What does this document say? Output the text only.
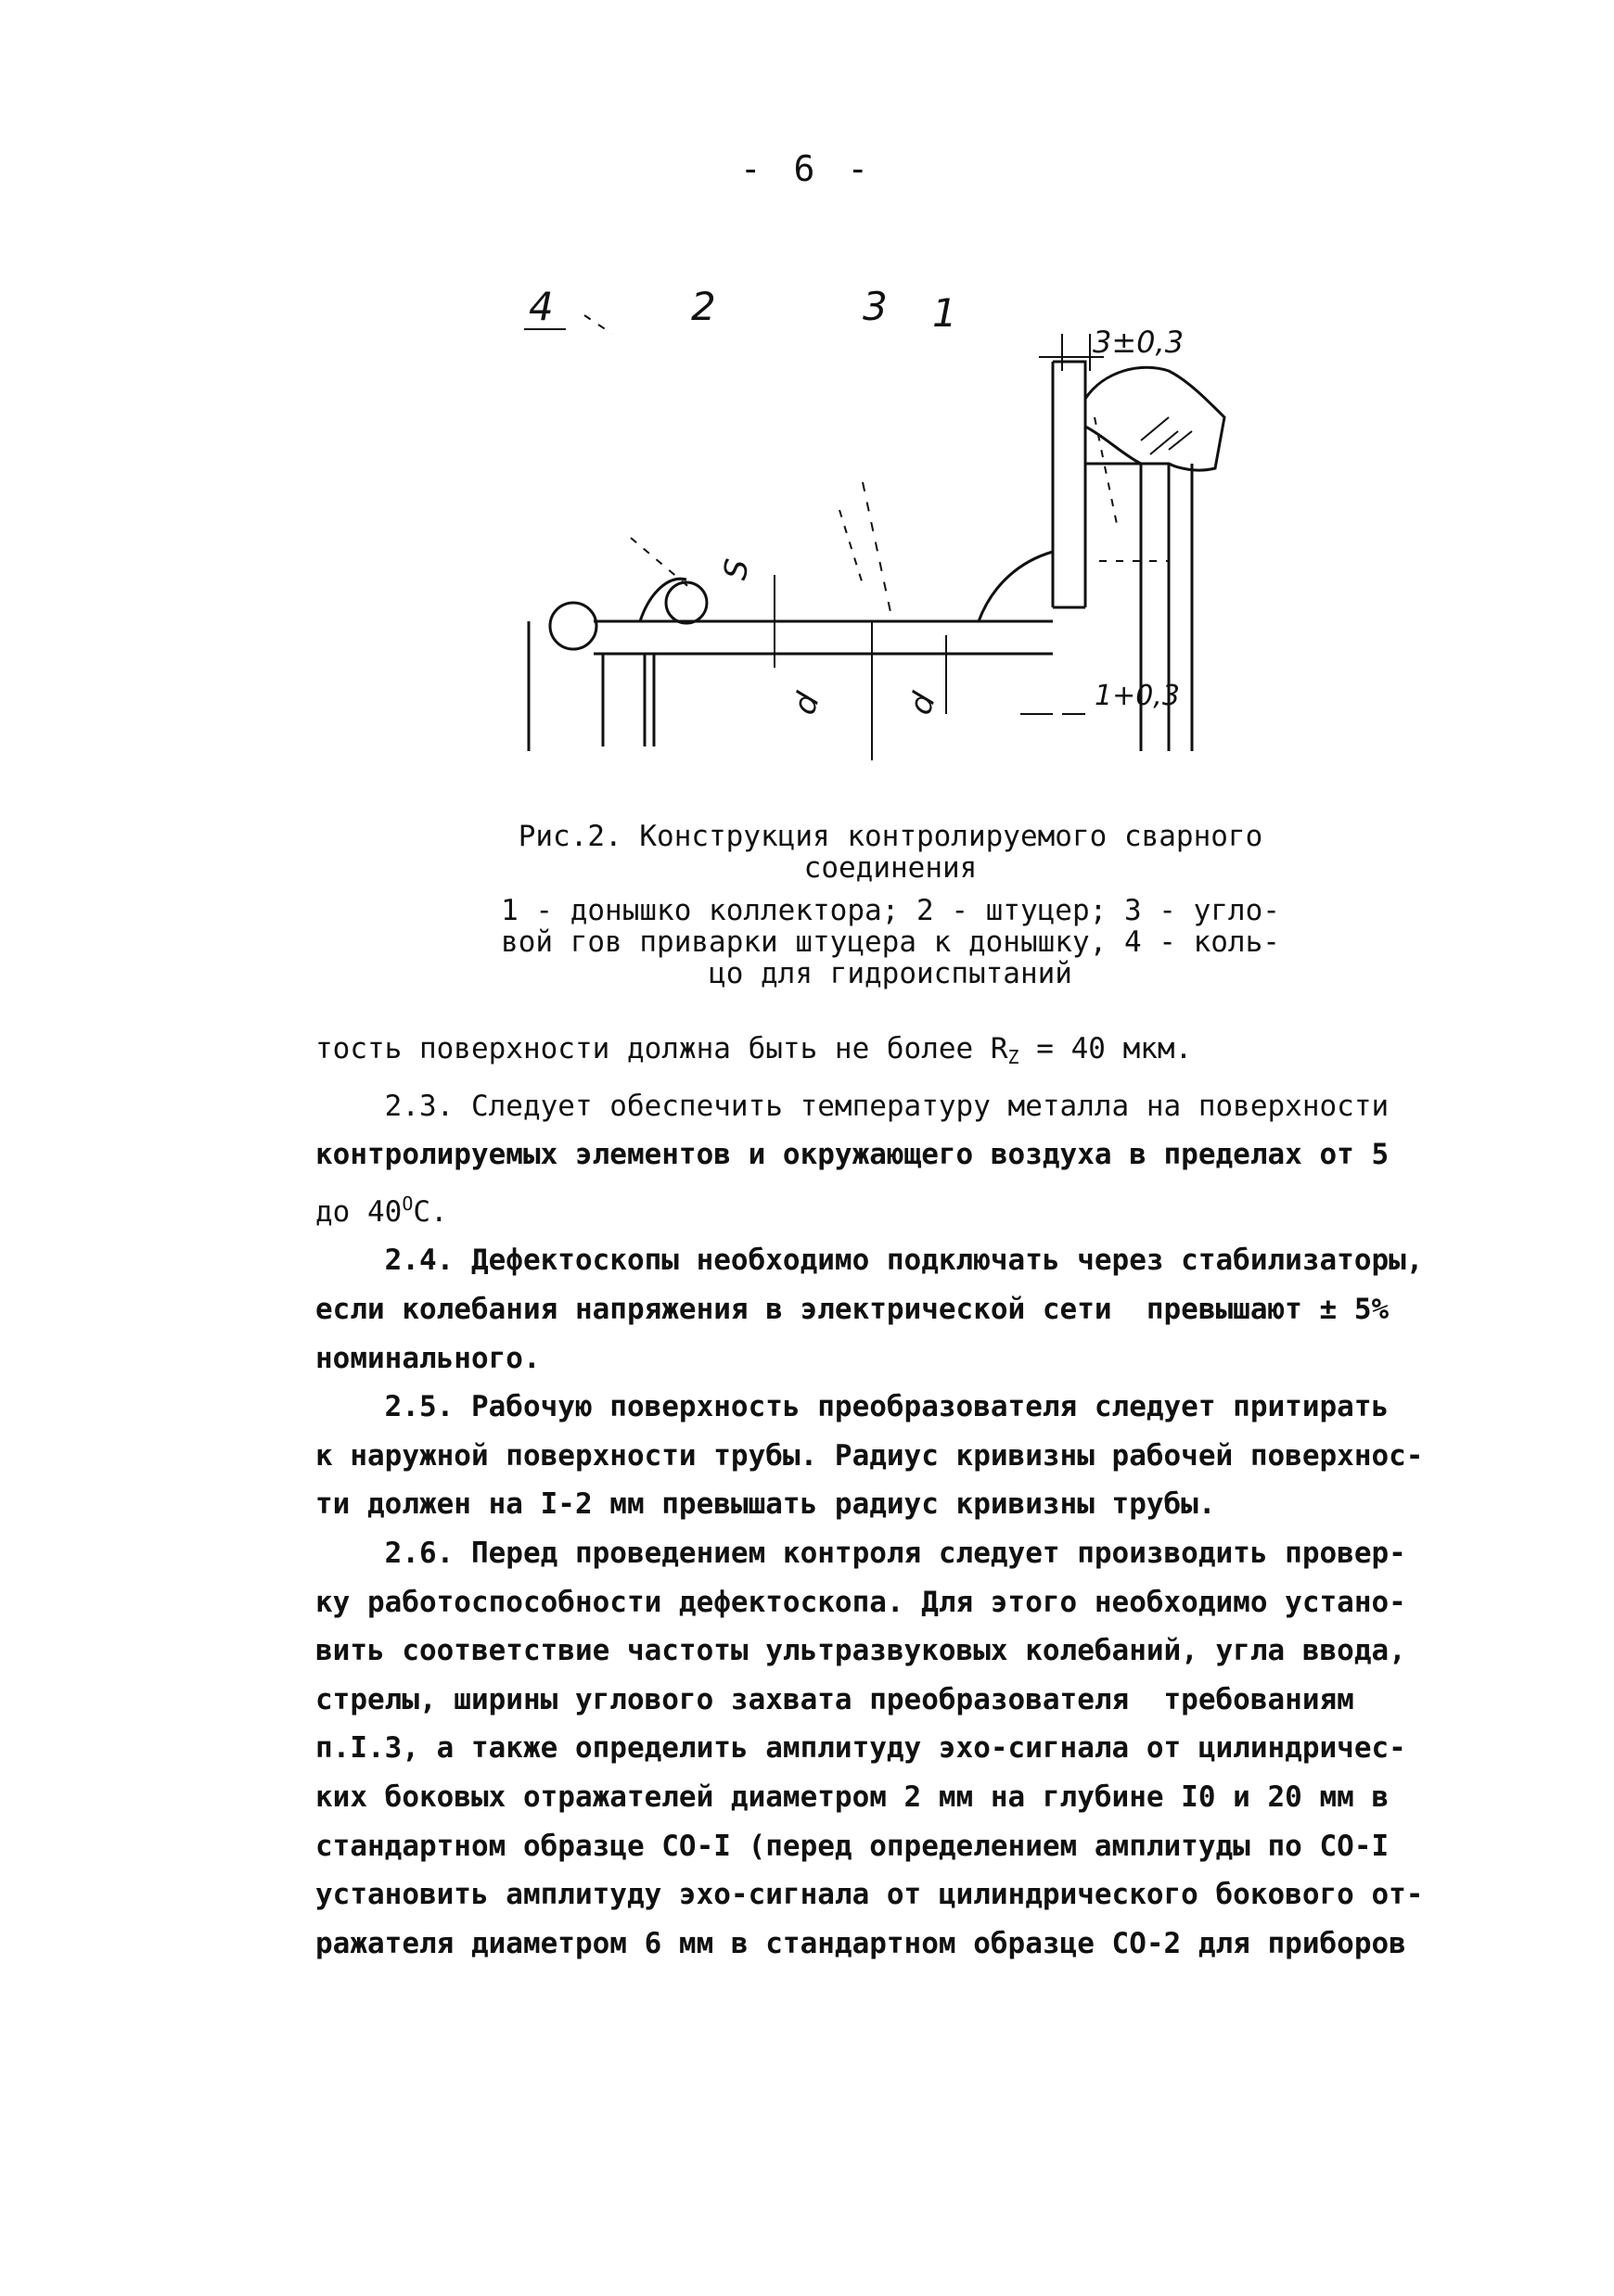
- 6 -
4	2	3 1
3±0,3
1+0,3
S
d d
Рис.2. Конструкция контролируемого сварного
соединения
1 - донышко коллектора; 2 - штуцер; 3 - угло-
вой гов приварки штуцера к донышку, 4 - коль-
цо для гидроиспытаний

тость поверхности должна быть не более $R_Z = 40$ мкм.

2.3. Следует обеспечить температуру металла на поверхности

контролируемых элементов и окружающего воздуха в пределах от 5

до $40^ОС$.

2.4. Дефектоскопы необходимо подключать через стабилизаторы,

если колебания напряжения в электрической сети  превышают ± 5%

номинального.

2.5. Рабочую поверхность преобразователя следует притирать

к наружной поверхности трубы. Радиус кривизны рабочей поверхнос-

ти должен на I-2 мм превышать радиус кривизны трубы.

2.6. Перед проведением контроля следует производить провер-

ку работоспособности дефектоскопа. Для этого необходимо устано-

вить соответствие частоты ультразвуковых колебаний, угла ввода,

стрелы, ширины углового захвата преобразователя  требованиям

п.I.3, а также определить амплитуду эхо-сигнала от цилиндричес-

ких боковых отражателей диаметром 2 мм на глубине I0 и 20 мм в

стандартном образце СО-I (перед определением амплитуды по СО-I

установить амплитуду эхо-сигнала от цилиндрического бокового от-

ражателя диаметром 6 мм в стандартном образце СО-2 для приборов
